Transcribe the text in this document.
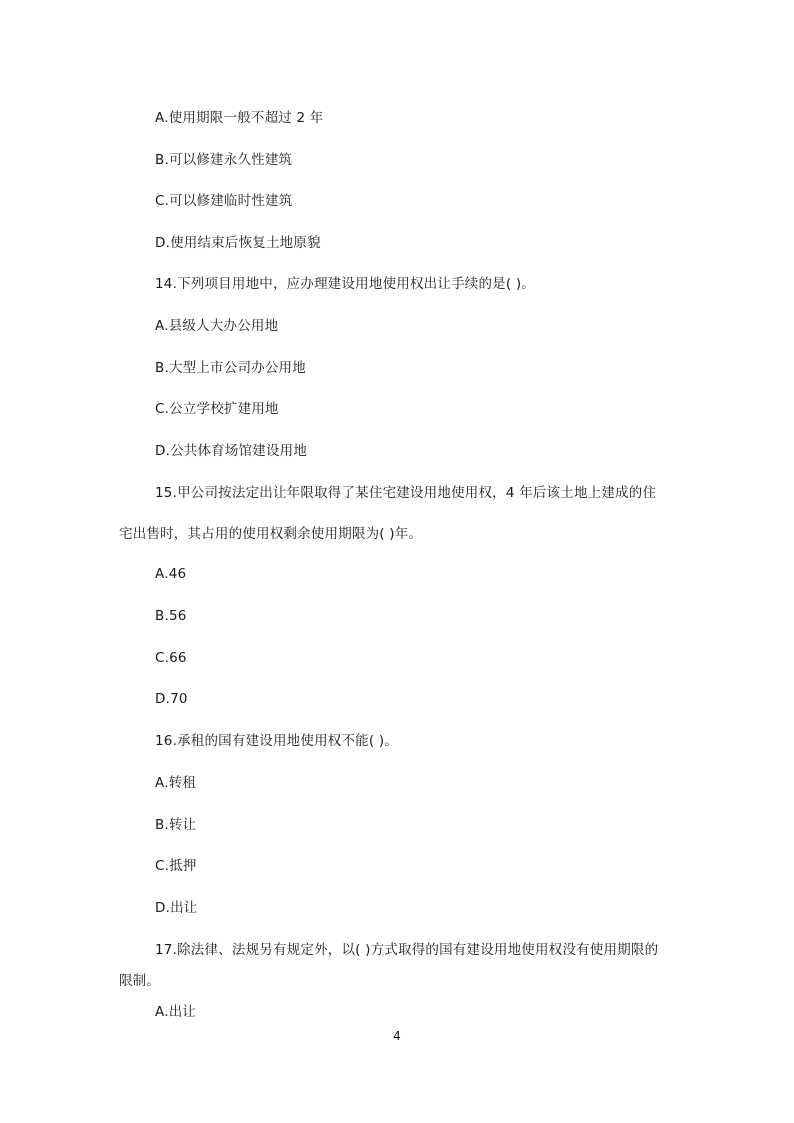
A.使用期限一般不超过 2 年
B.可以修建永久性建筑
C.可以修建临时性建筑
D.使用结束后恢复土地原貌
14.下列项目用地中，应办理建设用地使用权出让手续的是( )。
A.县级人大办公用地
B.大型上市公司办公用地
C.公立学校扩建用地
D.公共体育场馆建设用地
15.甲公司按法定出让年限取得了某住宅建设用地使用权，4 年后该土地上建成的住
宅出售时，其占用的使用权剩余使用期限为( )年。
A.46
B.56
C.66
D.70
16.承租的国有建设用地使用权不能( )。
A.转租
B.转让
C.抵押
D.出让
17.除法律、法规另有规定外，以( )方式取得的国有建设用地使用权没有使用期限的
限制。
A.出让
4
